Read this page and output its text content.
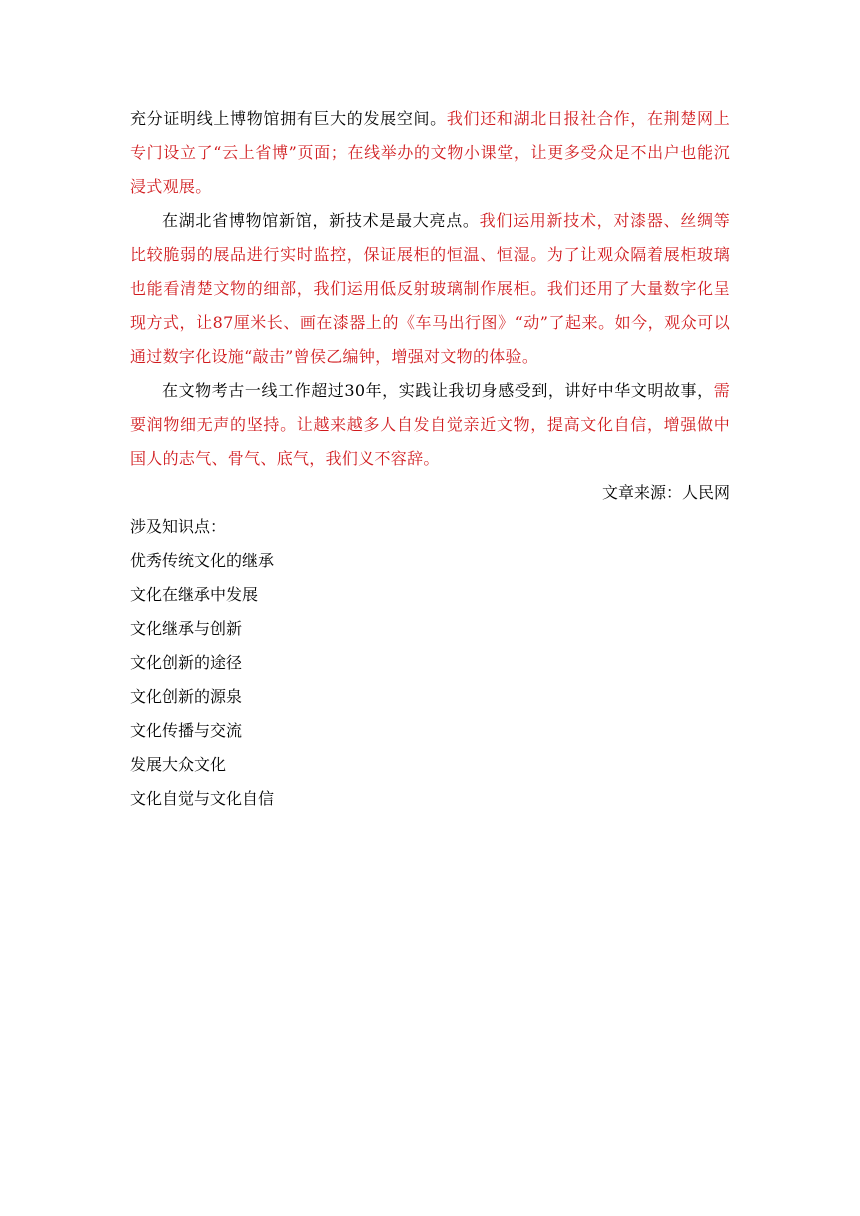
充分证明线上博物馆拥有巨大的发展空间。我们还和湖北日报社合作，在荆楚网上专门设立了“云上省博”页面；在线举办的文物小课堂，让更多受众足不出户也能沉浸式观展。

在湖北省博物馆新馆，新技术是最大亮点。我们运用新技术，对漆器、丝绸等比较脆弱的展品进行实时监控，保证展柜的恒温、恒湿。为了让观众隔着展柜玻璃也能看清楚文物的细部，我们运用低反射玻璃制作展柜。我们还用了大量数字化呈现方式，让87厘米长、画在漆器上的《车马出行图》“动”了起来。如今，观众可以通过数字化设施“敲击”曾侯乙编钟，增强对文物的体验。

在文物考古一线工作超过30年，实践让我切身感受到，讲好中华文明故事，需要润物细无声的坚持。让越来越多人自发自觉亲近文物，提高文化自信，增强做中国人的志气、骨气、底气，我们义不容辞。

文章来源：人民网

涉及知识点：

优秀传统文化的继承

文化在继承中发展

文化继承与创新

文化创新的途径

文化创新的源泉

文化传播与交流

发展大众文化

文化自觉与文化自信
